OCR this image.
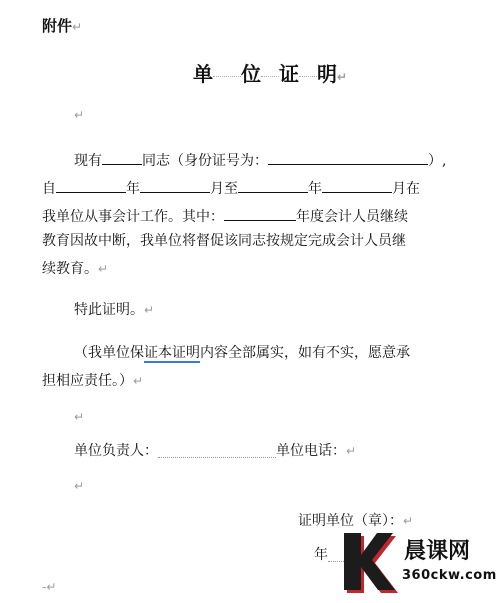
附件↵
单 位 证 明↵
↵
现有	同志（身份证号为：	）,
自	年	月至	年	月在
我单位从事会计工作。其中：	年度会计人员继续
教育因故中断，我单位将督促该同志按规定完成会计人员继
续教育。↵
特此证明。↵
（我单位保证本证明内容全部属实，如有不实，愿意承
担相应责任。）↵
↵
单位负责人：	单位电话：↵
↵
证明单位（章）：↵
年
-↵
晨课网
360ckw.com
